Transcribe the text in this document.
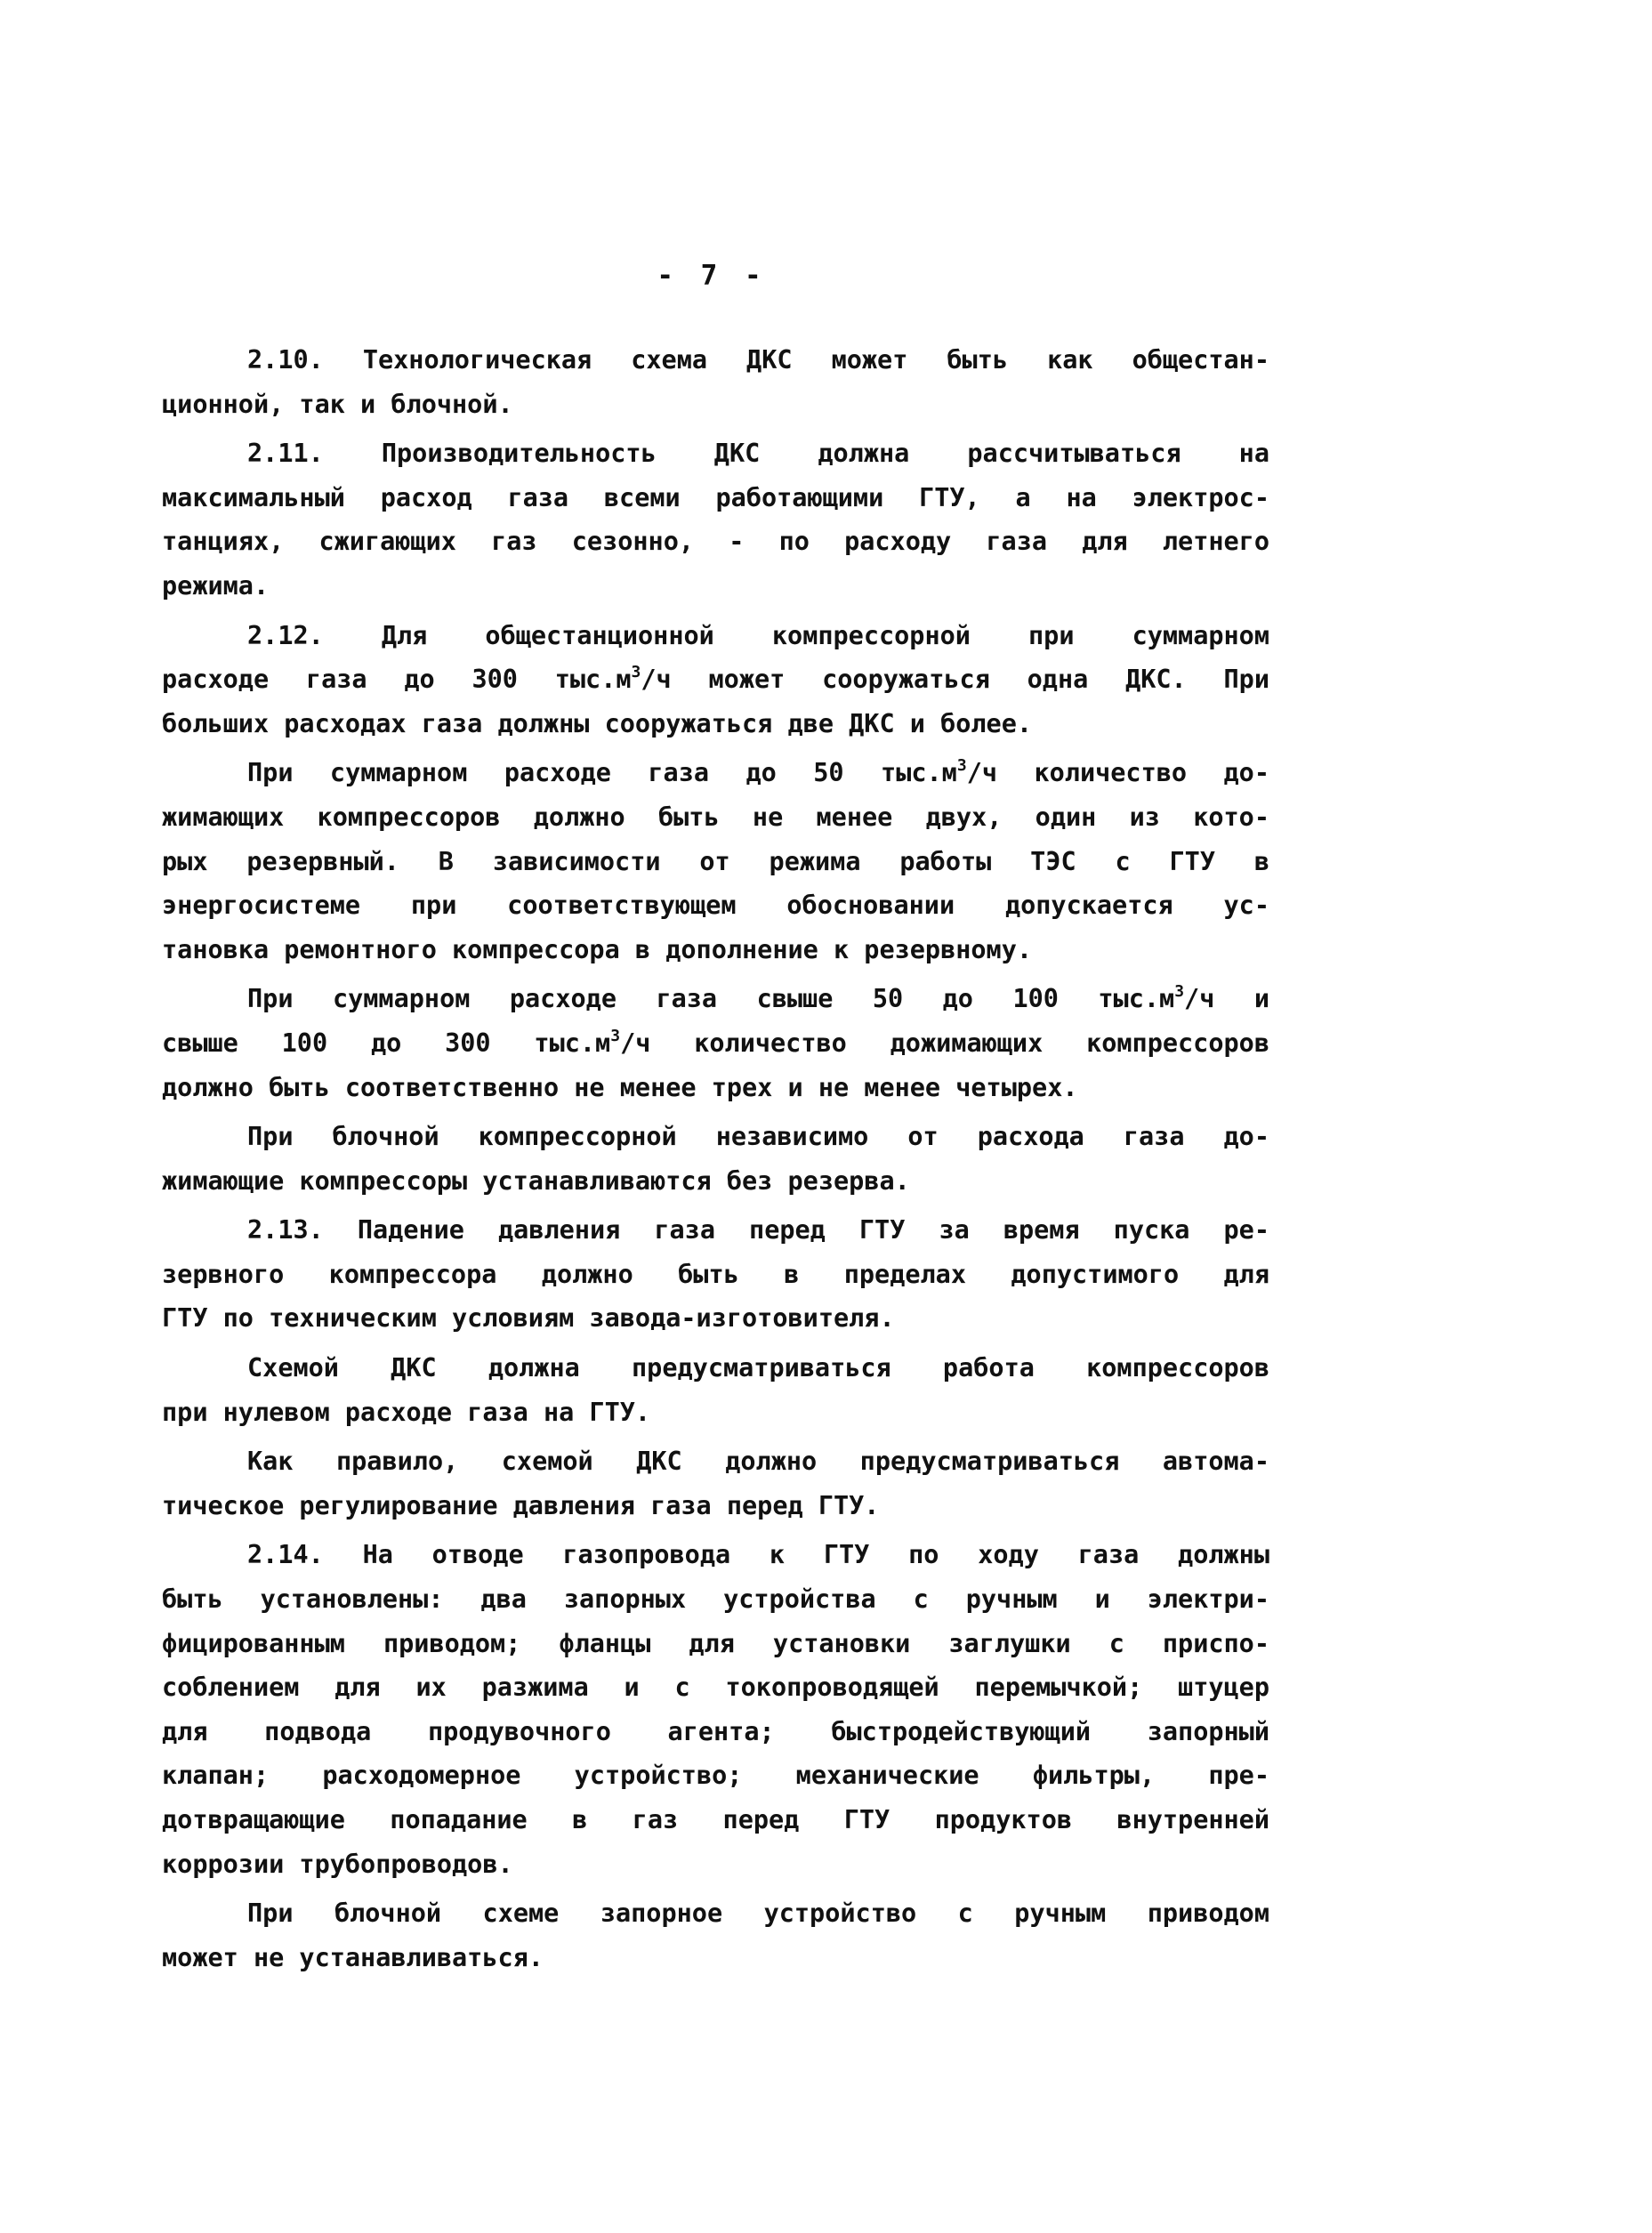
- 7 -
2.10. Технологическая схема ДКС может быть как общестан-
ционной, так и блочной.
2.11. Производительность ДКС должна рассчитываться на
максимальный расход газа всеми работающими ГТУ, а на электрос-
танциях, сжигающих газ сезонно, - по расходу газа для летнего
режима.
2.12. Для общестанционной компрессорной при суммарном
расходе газа до 300 $тыс.м^3/ч$ может сооружаться одна ДКС. При
больших расходах газа должны сооружаться две ДКС и более.
При суммарном расходе газа до 50 $тыс.м^3/ч$ количество до-
жимающих компрессоров должно быть не менее двух, один из кото-
рых резервный. В зависимости от режима работы ТЭС с ГТУ в
энергосистеме при соответствующем обосновании допускается ус-
тановка ремонтного компрессора в дополнение к резервному.
При суммарном расходе газа свыше 50 до 100 $тыс.м^3/ч$ и
свыше 100 до 300 $тыс.м^3/ч$ количество дожимающих компрессоров
должно быть соответственно не менее трех и не менее четырех.
При блочной компрессорной независимо от расхода газа до-
жимающие компрессоры устанавливаются без резерва.
2.13. Падение давления газа перед ГТУ за время пуска ре-
зервного компрессора должно быть в пределах допустимого для
ГТУ по техническим условиям завода-изготовителя.
Схемой ДКС должна предусматриваться работа компрессоров
при нулевом расходе газа на ГТУ.
Как правило, схемой ДКС должно предусматриваться автома-
тическое регулирование давления газа перед ГТУ.
2.14. На отводе газопровода к ГТУ по ходу газа должны
быть установлены: два запорных устройства с ручным и электри-
фицированным приводом; фланцы для установки заглушки с приспо-
соблением для их разжима и с токопроводящей перемычкой; штуцер
для подвода продувочного агента; быстродействующий запорный
клапан; расходомерное устройство; механические фильтры, пре-
дотвращающие попадание в газ перед ГТУ продуктов внутренней
коррозии трубопроводов.
При блочной схеме запорное устройство с ручным приводом
может не устанавливаться.
